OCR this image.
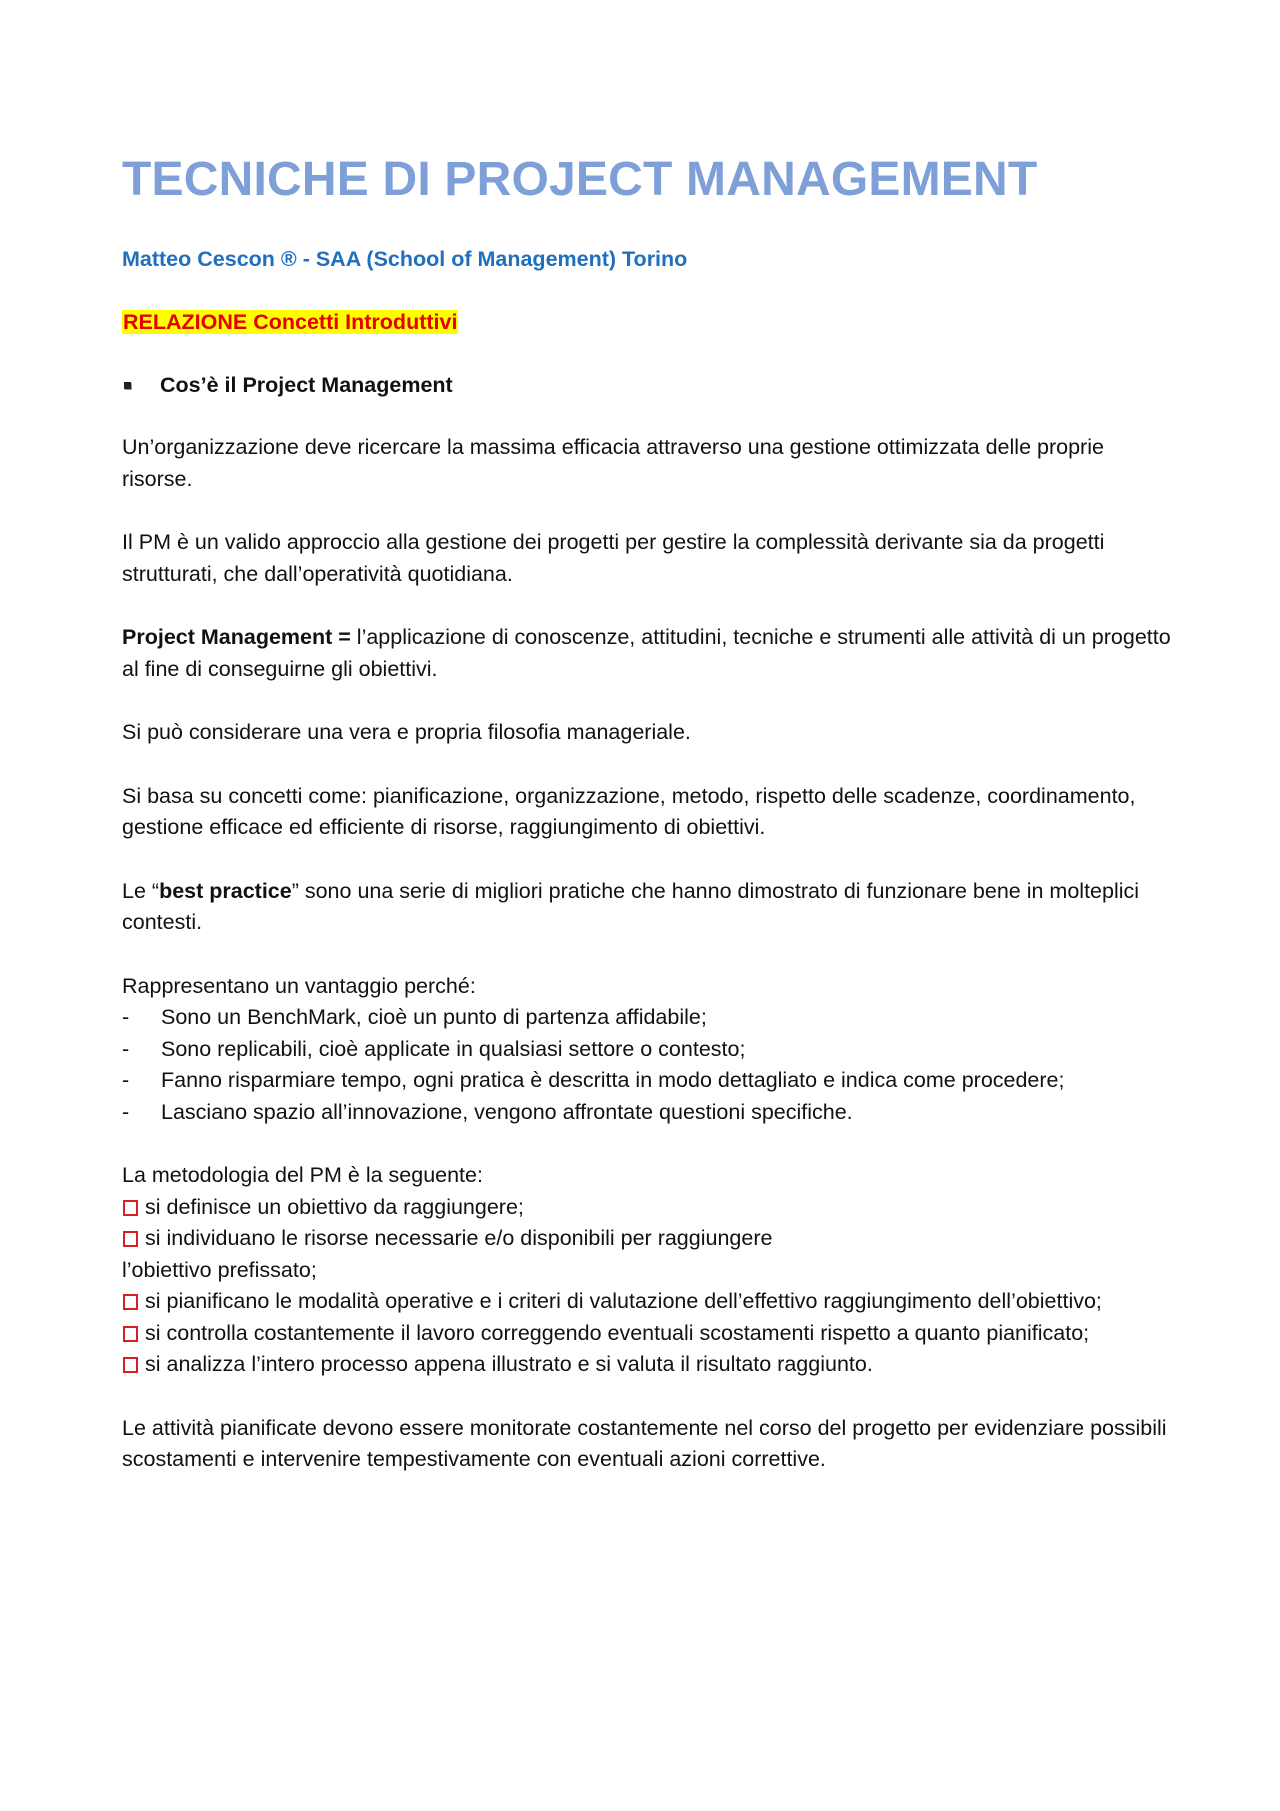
TECNICHE DI PROJECT MANAGEMENT
Matteo Cescon ® - SAA (School of Management) Torino
RELAZIONE Concetti Introduttivi
Cos’è il Project Management

Un’organizzazione deve ricercare la massima efficacia attraverso una gestione ottimizzata delle proprie risorse.

Il PM è un valido approccio alla gestione dei progetti per gestire la complessità derivante sia da progetti strutturati, che dall’operatività quotidiana.

Project Management = l’applicazione di conoscenze, attitudini, tecniche e strumenti alle attività di un progetto al fine di conseguirne gli obiettivi.

Si può considerare una vera e propria filosofia manageriale.

Si basa su concetti come: pianificazione, organizzazione, metodo, rispetto delle scadenze, coordinamento, gestione efficace ed efficiente di risorse, raggiungimento di obiettivi.

Le “best practice” sono una serie di migliori pratiche che hanno dimostrato di funzionare bene in molteplici contesti.

Rappresentano un vantaggio perché:

- Sono un BenchMark, cioè un punto di partenza affidabile;
- Sono replicabili, cioè applicate in qualsiasi settore o contesto;
- Fanno risparmiare tempo, ogni pratica è descritta in modo dettagliato e indica come procedere;
- Lasciano spazio all’innovazione, vengono affrontate questioni specifiche.

La metodologia del PM è la seguente:

si definisce un obiettivo da raggiungere;
si individuano le risorse necessarie e/o disponibili per raggiungere l’obiettivo prefissato;
si pianificano le modalità operative e i criteri di valutazione dell’effettivo raggiungimento dell’obiettivo;
si controlla costantemente il lavoro correggendo eventuali scostamenti rispetto a quanto pianificato;
si analizza l’intero processo appena illustrato e si valuta il risultato raggiunto.

Le attività pianificate devono essere monitorate costantemente nel corso del progetto per evidenziare possibili scostamenti e intervenire tempestivamente con eventuali azioni correttive.
